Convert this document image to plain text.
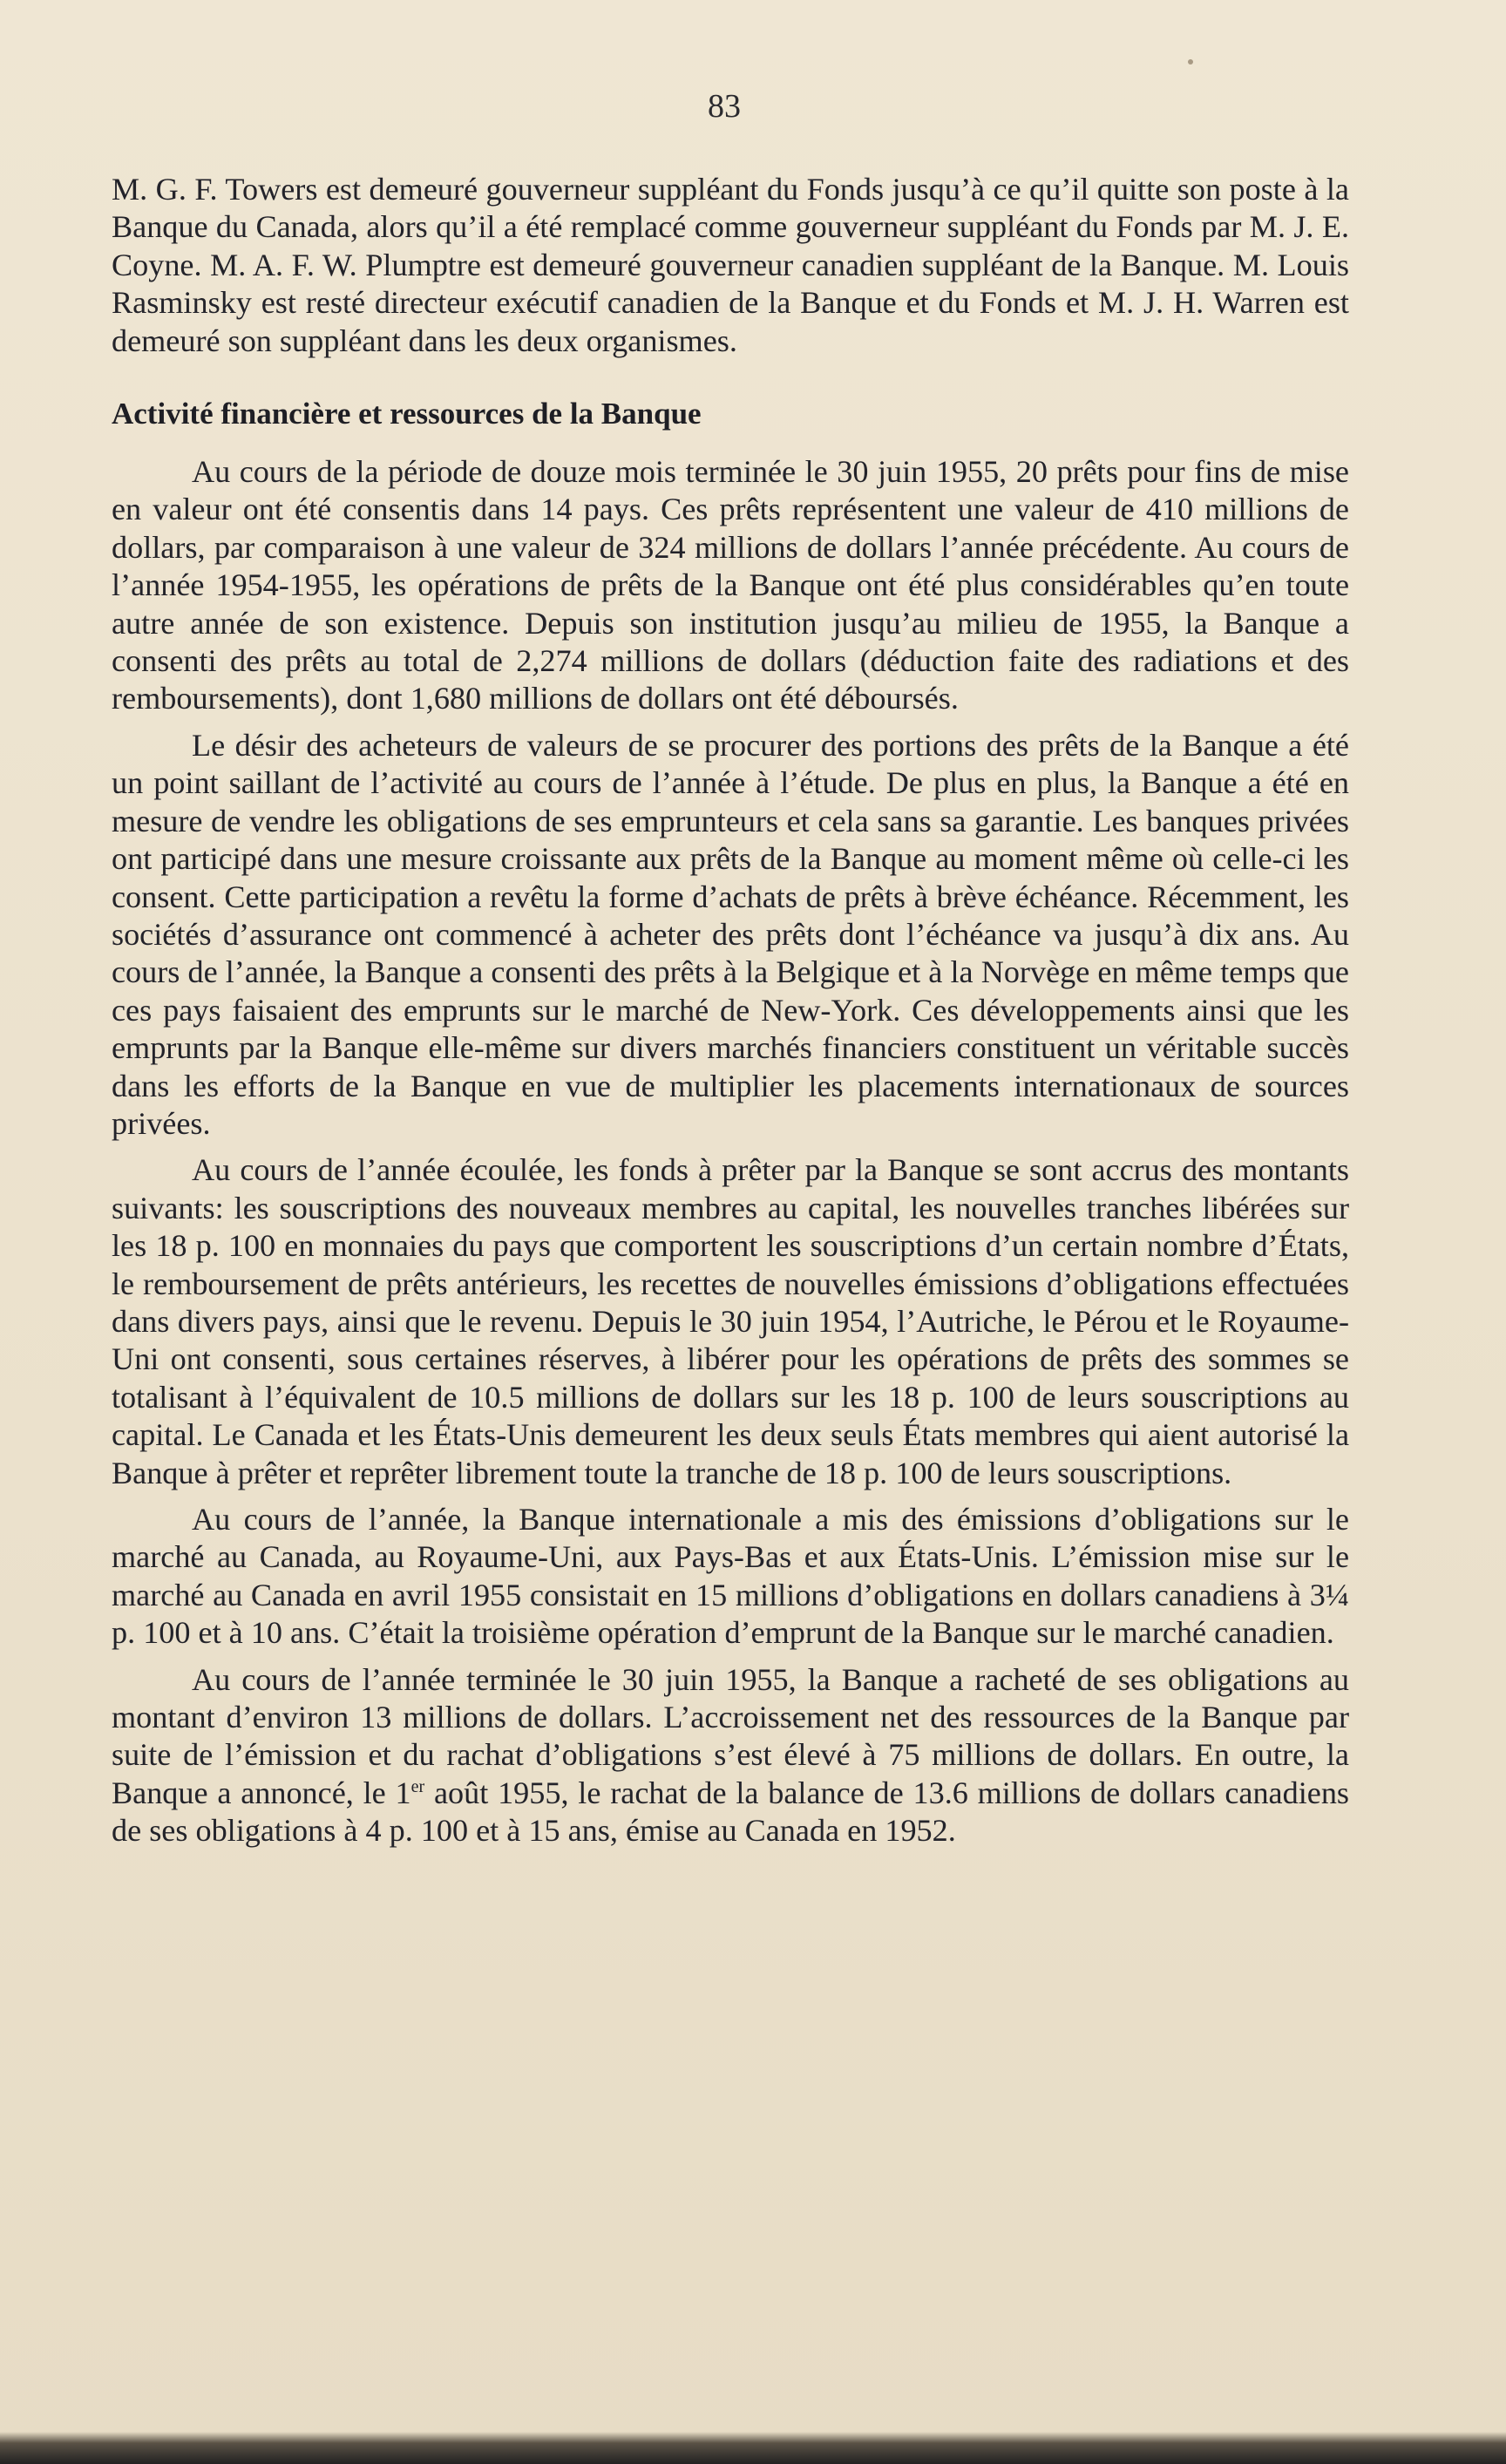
83

M. G. F. Towers est demeuré gouverneur suppléant du Fonds jusqu’à ce qu’il quitte son poste à la Banque du Canada, alors qu’il a été remplacé comme gouverneur suppléant du Fonds par M. J. E. Coyne. M. A. F. W. Plumptre est demeuré gouverneur canadien suppléant de la Banque. M. Louis Rasminsky est resté directeur exécutif canadien de la Banque et du Fonds et M. J. H. Warren est demeuré son suppléant dans les deux organismes.

Activité financière et ressources de la Banque

Au cours de la période de douze mois terminée le 30 juin 1955, 20 prêts pour fins de mise en valeur ont été consentis dans 14 pays. Ces prêts représentent une valeur de 410 millions de dollars, par comparaison à une valeur de 324 millions de dollars l’année précédente. Au cours de l’année 1954-1955, les opérations de prêts de la Banque ont été plus considérables qu’en toute autre année de son existence. Depuis son institution jusqu’au milieu de 1955, la Banque a consenti des prêts au total de 2,274 millions de dollars (déduction faite des radiations et des remboursements), dont 1,680 millions de dollars ont été déboursés.

Le désir des acheteurs de valeurs de se procurer des portions des prêts de la Banque a été un point saillant de l’activité au cours de l’année à l’étude. De plus en plus, la Banque a été en mesure de vendre les obligations de ses emprunteurs et cela sans sa garantie. Les banques privées ont participé dans une mesure croissante aux prêts de la Banque au moment même où celle-ci les consent. Cette participation a revêtu la forme d’achats de prêts à brève échéance. Récemment, les sociétés d’assurance ont commencé à acheter des prêts dont l’échéance va jusqu’à dix ans. Au cours de l’année, la Banque a consenti des prêts à la Belgique et à la Norvège en même temps que ces pays faisaient des emprunts sur le marché de New-York. Ces développements ainsi que les emprunts par la Banque elle-même sur divers marchés financiers constituent un véritable succès dans les efforts de la Banque en vue de multiplier les placements internationaux de sources privées.

Au cours de l’année écoulée, les fonds à prêter par la Banque se sont accrus des montants suivants: les souscriptions des nouveaux membres au capital, les nouvelles tranches libérées sur les 18 p. 100 en monnaies du pays que comportent les souscriptions d’un certain nombre d’États, le remboursement de prêts antérieurs, les recettes de nouvelles émissions d’obligations effectuées dans divers pays, ainsi que le revenu. Depuis le 30 juin 1954, l’Autriche, le Pérou et le Royaume-Uni ont consenti, sous certaines réserves, à libérer pour les opérations de prêts des sommes se totalisant à l’équivalent de 10.5 millions de dollars sur les 18 p. 100 de leurs souscriptions au capital. Le Canada et les États-Unis demeurent les deux seuls États membres qui aient autorisé la Banque à prêter et reprêter librement toute la tranche de 18 p. 100 de leurs souscriptions.

Au cours de l’année, la Banque internationale a mis des émissions d’obligations sur le marché au Canada, au Royaume-Uni, aux Pays-Bas et aux États-Unis. L’émission mise sur le marché au Canada en avril 1955 consistait en 15 millions d’obligations en dollars canadiens à 3¼ p. 100 et à 10 ans. C’était la troisième opération d’emprunt de la Banque sur le marché canadien.

Au cours de l’année terminée le 30 juin 1955, la Banque a racheté de ses obligations au montant d’environ 13 millions de dollars. L’accroissement net des ressources de la Banque par suite de l’émission et du rachat d’obligations s’est élevé à 75 millions de dollars. En outre, la Banque a annoncé, le 1er août 1955, le rachat de la balance de 13.6 millions de dollars canadiens de ses obligations à 4 p. 100 et à 15 ans, émise au Canada en 1952.
